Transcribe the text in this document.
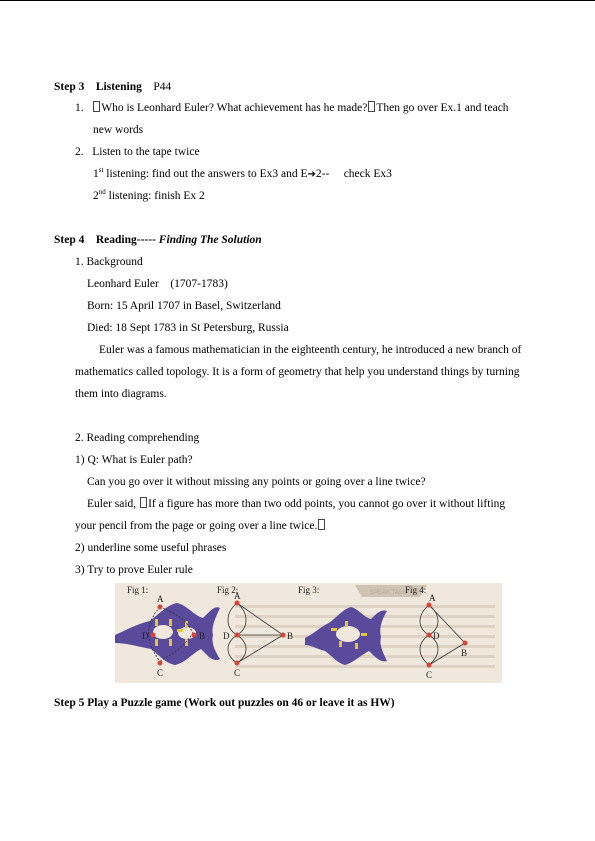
Step 3 Listening P44
1. Who is Leonhard Euler? What achievement has he made? Then go over Ex.1 and teach
new words
2. Listen to the tape twice
1st listening: find out the answers to Ex3 and E➔2--     check Ex3
2nd listening: finish Ex 2
Step 4 Reading----- Finding The Solution
1. Background
Leonhard Euler    (1707-1783)
Born: 15 April 1707 in Basel, Switzerland
Died: 18 Sept 1783 in St Petersburg, Russia
Euler was a famous mathematician in the eighteenth century, he introduced a new branch of
mathematics called topology. It is a form of geometry that help you understand things by turning
them into diagrams.
2. Reading comprehending
1) Q: What is Euler path?
Can you go over it without missing any points or going over a line twice?
Euler said, If a figure has more than two odd points, you cannot go over it without lifting
your pencil from the page or going over a line twice.
2) underline some useful phrases
3) Try to prove Euler rule
SPEAK TASK
Fig 1:	Fig 2:	Fig 3:	Fig 4:
A
B
C
D
A
B
C
D
A
B
C
D
Step 5 Play a Puzzle game (Work out puzzles on 46 or leave it as HW)
